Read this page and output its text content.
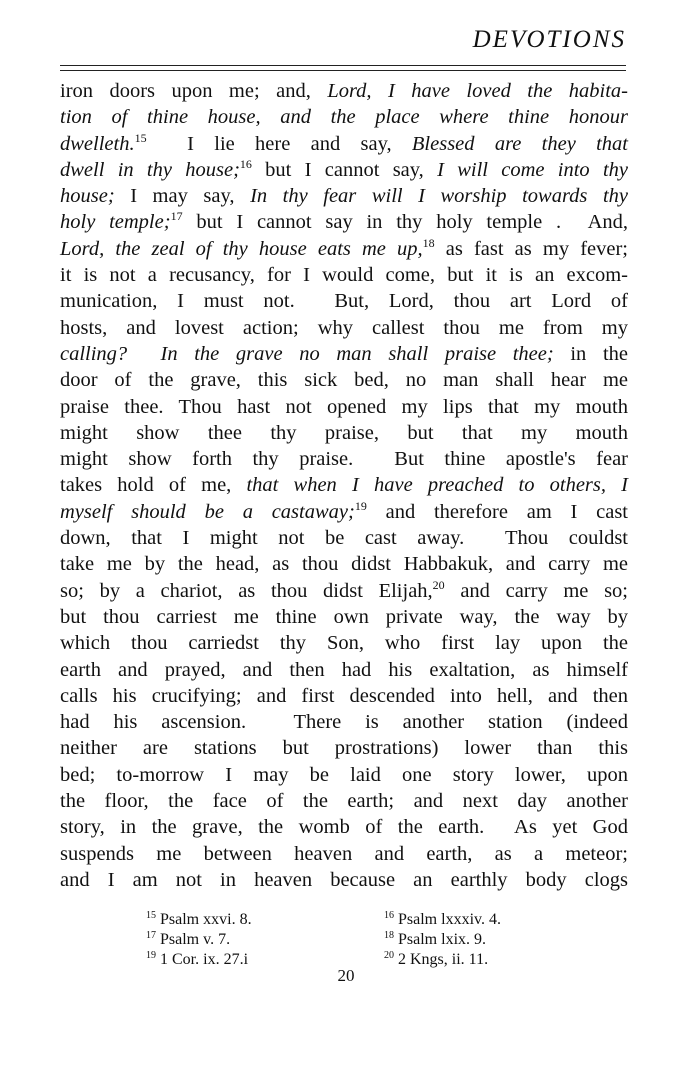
DEVOTIONS
iron doors upon me; and, Lord, I have loved the habita-
tion of thine house, and the place where thine honour
dwelleth.$^{15}$  I lie here and say, Blessed are they that
dwell in thy house;$^{16}$ but I cannot say, I will come into thy
house; I may say, In thy fear will I worship towards thy
holy temple;$^{17}$ but I cannot say in thy holy temple .  And,
Lord, the zeal of thy house eats me up,$^{18}$ as fast as my fever;
it is not a recusancy, for I would come, but it is an excom-
munication, I must not.  But, Lord, thou art Lord of
hosts, and lovest action; why callest thou me from my
calling?  In the grave no man shall praise thee; in the
door of the grave, this sick bed, no man shall hear me
praise thee. Thou hast not opened my lips that my mouth
might show thee thy praise, but that my mouth
might show forth thy praise.  But thine apostle's fear
takes hold of me, that when I have preached to others, I
myself should be a castaway;$^{19}$ and therefore am I cast
down, that I might not be cast away.  Thou couldst
take me by the head, as thou didst Habbakuk, and carry me
so; by a chariot, as thou didst Elijah,$^{20}$ and carry me so;
but thou carriest me thine own private way, the way by
which thou carriedst thy Son, who first lay upon the
earth and prayed, and then had his exaltation, as himself
calls his crucifying; and first descended into hell, and then
had his ascension.  There is another station (indeed
neither are stations but prostrations) lower than this
bed; to-morrow I may be laid one story lower, upon
the floor, the face of the earth; and next day another
story, in the grave, the womb of the earth.  As yet God
suspends me between heaven and earth, as a meteor;
and I am not in heaven because an earthly body clogs
$^{15}$ Psalm xxvi. 8.	$^{16}$ Psalm lxxxiv. 4.
$^{17}$ Psalm v. 7.	$^{18}$ Psalm lxix. 9.
$^{19}$ 1 Cor. ix. 27.i	$^{20}$ 2 Kngs, ii. 11.
20
